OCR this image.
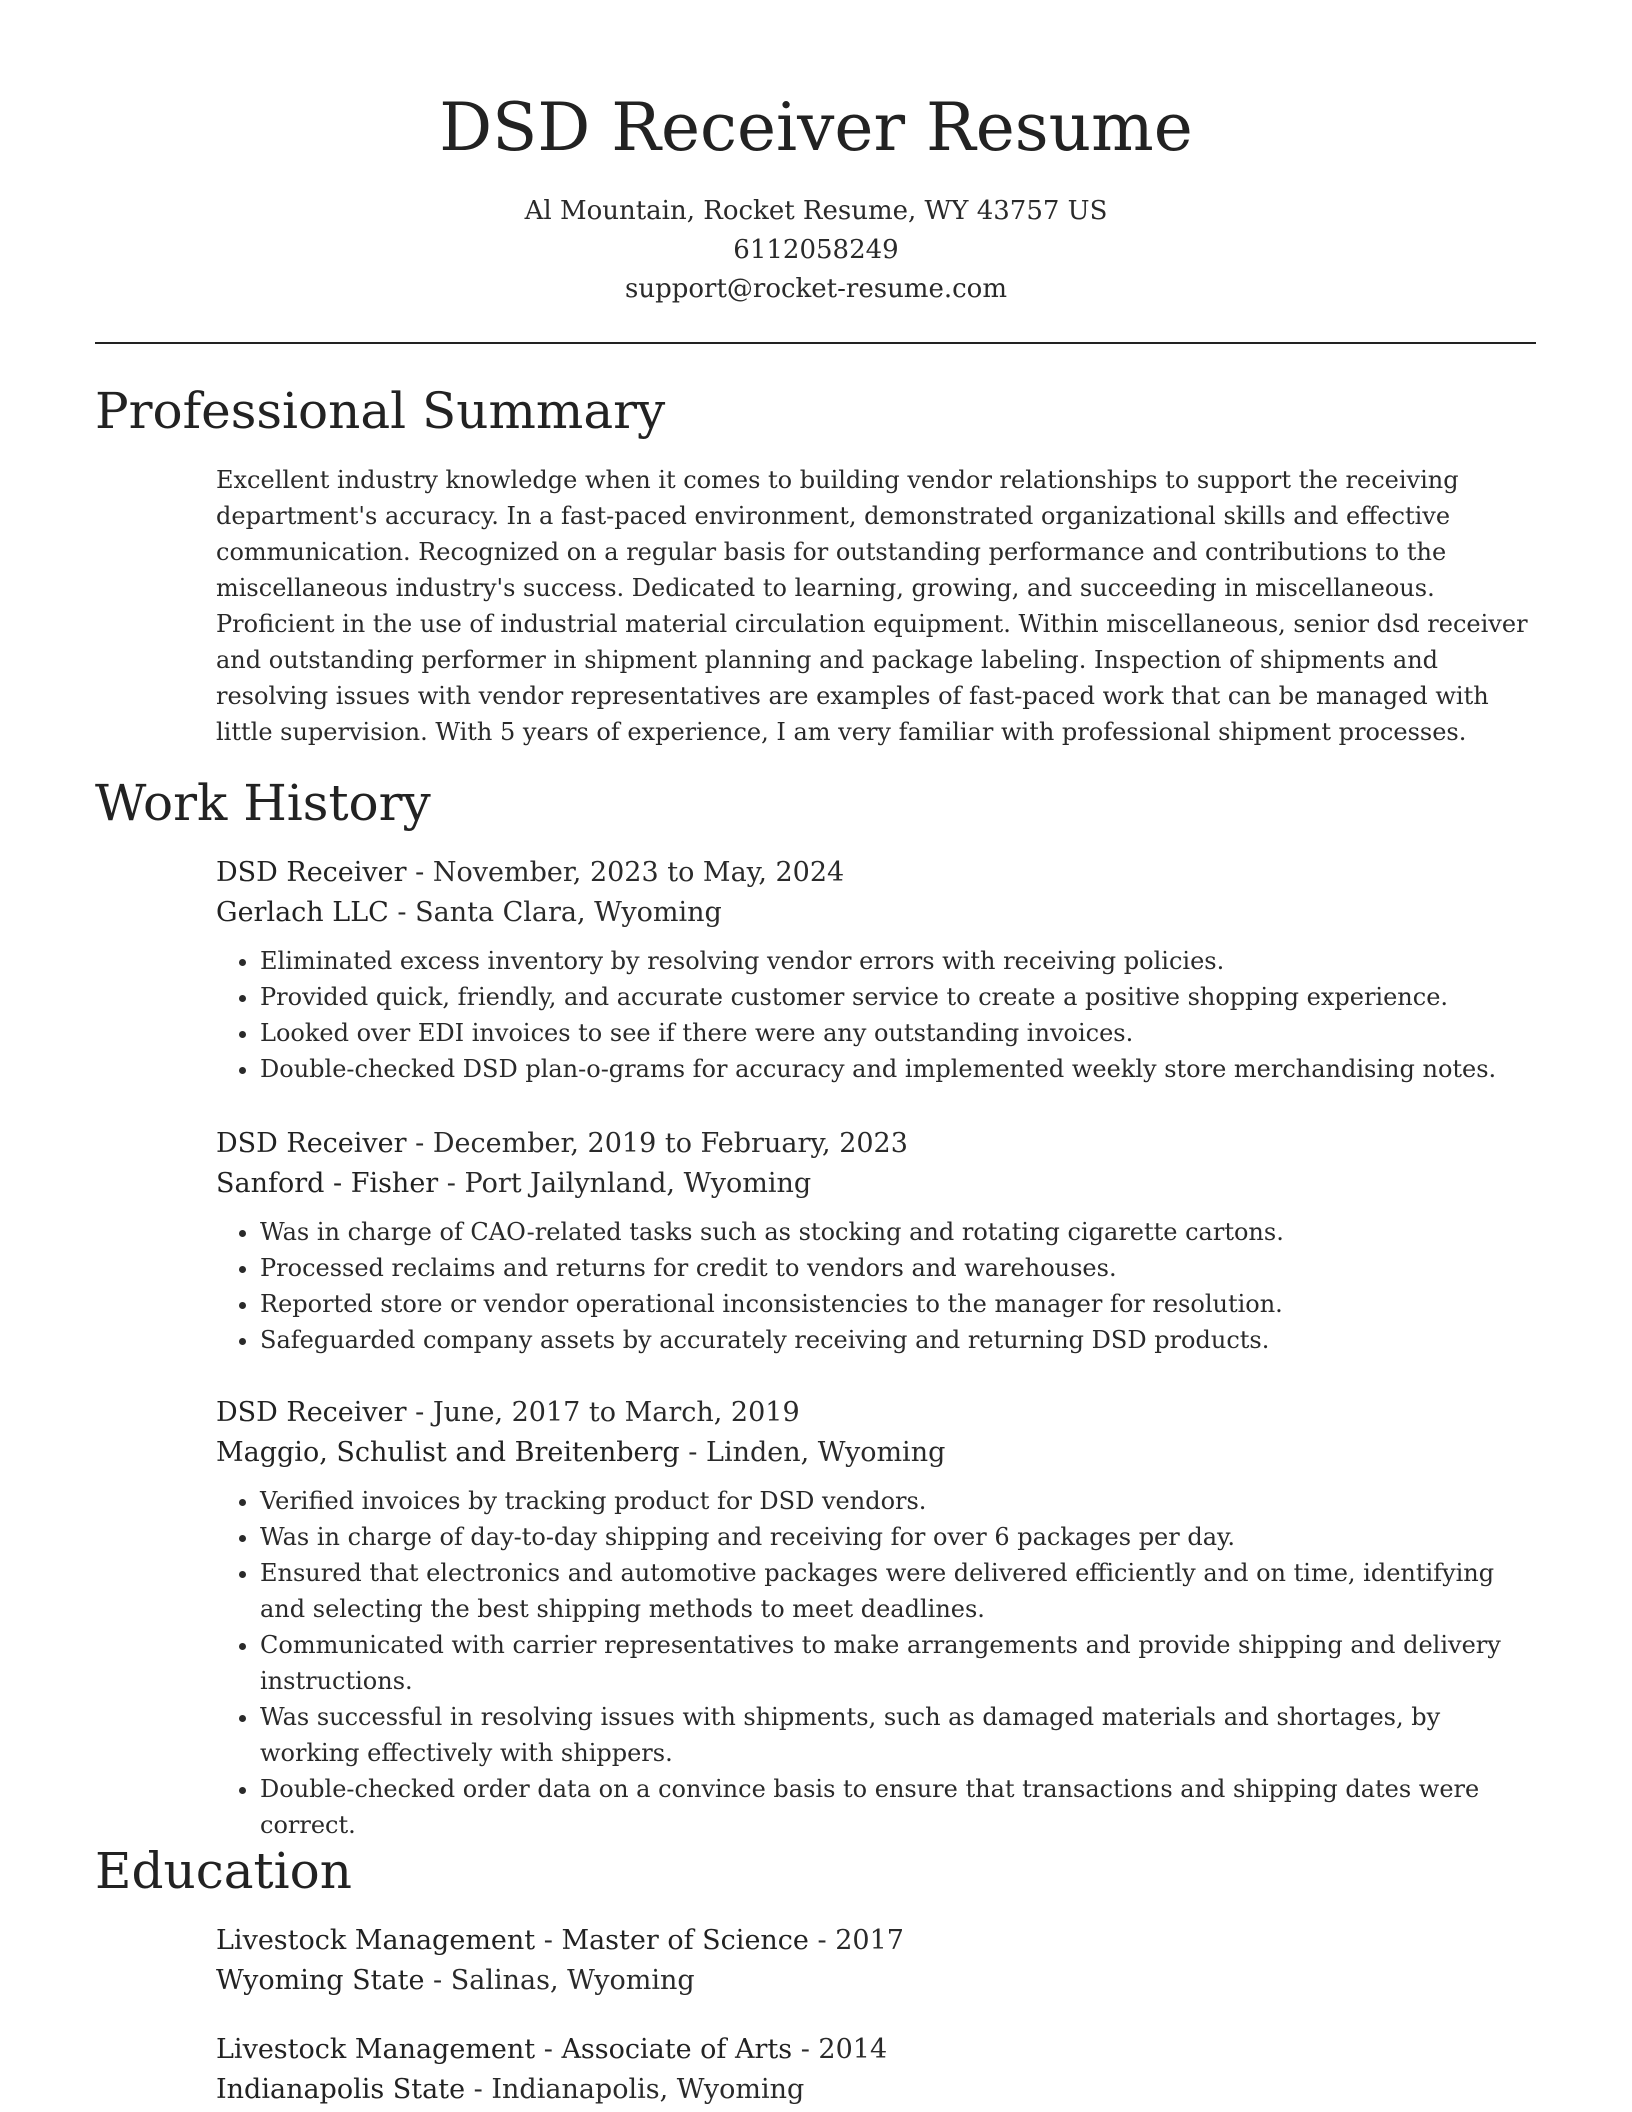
DSD Receiver Resume
Al Mountain, Rocket Resume, WY 43757 US
6112058249
support@rocket-resume.com
Professional Summary
Excellent industry knowledge when it comes to building vendor relationships to support the receiving department's accuracy. In a fast-paced environment, demonstrated organizational skills and effective communication. Recognized on a regular basis for outstanding performance and contributions to the miscellaneous industry's success. Dedicated to learning, growing, and succeeding in miscellaneous. Proficient in the use of industrial material circulation equipment. Within miscellaneous, senior dsd receiver and outstanding performer in shipment planning and package labeling. Inspection of shipments and resolving issues with vendor representatives are examples of fast-paced work that can be managed with little supervision. With 5 years of experience, I am very familiar with professional shipment processes.
Work History
DSD Receiver - November, 2023 to May, 2024
Gerlach LLC - Santa Clara, Wyoming
• Eliminated excess inventory by resolving vendor errors with receiving policies.
• Provided quick, friendly, and accurate customer service to create a positive shopping experience.
• Looked over EDI invoices to see if there were any outstanding invoices.
• Double-checked DSD plan-o-grams for accuracy and implemented weekly store merchandising notes.
DSD Receiver - December, 2019 to February, 2023
Sanford - Fisher - Port Jailynland, Wyoming
• Was in charge of CAO-related tasks such as stocking and rotating cigarette cartons.
• Processed reclaims and returns for credit to vendors and warehouses.
• Reported store or vendor operational inconsistencies to the manager for resolution.
• Safeguarded company assets by accurately receiving and returning DSD products.
DSD Receiver - June, 2017 to March, 2019
Maggio, Schulist and Breitenberg - Linden, Wyoming
• Verified invoices by tracking product for DSD vendors.
• Was in charge of day-to-day shipping and receiving for over 6 packages per day.
• Ensured that electronics and automotive packages were delivered efficiently and on time, identifying and selecting the best shipping methods to meet deadlines.
• Communicated with carrier representatives to make arrangements and provide shipping and delivery instructions.
• Was successful in resolving issues with shipments, such as damaged materials and shortages, by working effectively with shippers.
• Double-checked order data on a convince basis to ensure that transactions and shipping dates were correct.
Education
Livestock Management - Master of Science - 2017
Wyoming State - Salinas, Wyoming
Livestock Management - Associate of Arts - 2014
Indianapolis State - Indianapolis, Wyoming
